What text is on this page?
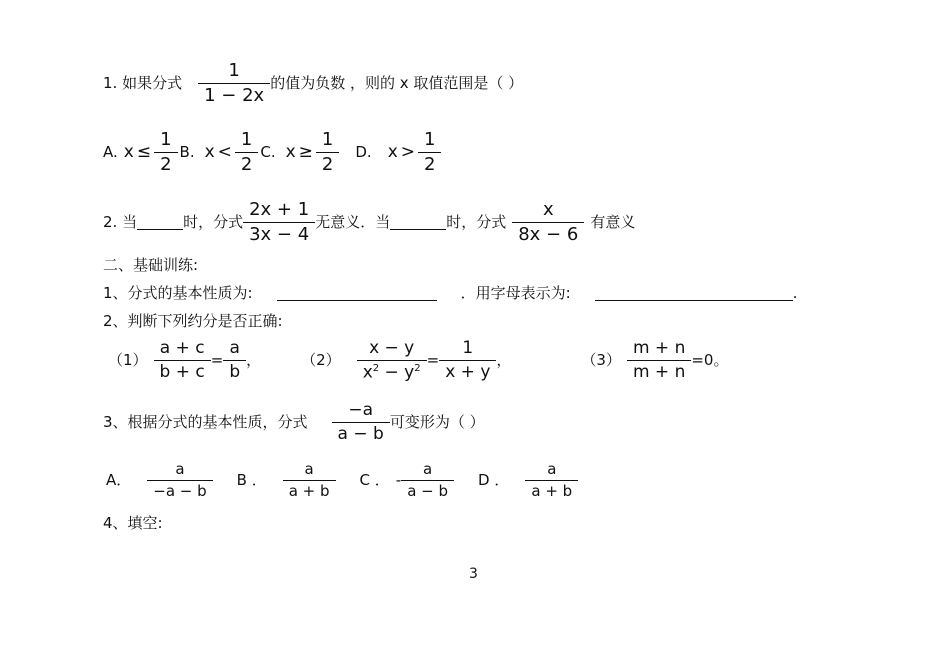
1. 如果分式 $\frac{1}{1 - 2x}$ 的值为负数 ，则的 x 取值范围是（ ）
A. $x \le \frac{1}{2} B$. $x < \frac{1}{2} C$. $x \ge \frac{1}{2} D$. $x > \frac{1}{2}$
2. 当	时，分式 $\frac{2x + 1}{3x - 4}$ 无意义．当	时，分式 $\frac{x}{8x - 6}$ 有意义
二、基础训练:
1、分式的基本性质为:	．用字母表示为:	.
2、判断下列约分是否正确:
$(1) \frac{a + c}{b + c} = \frac{a}{b}$ ，	$(2) \frac{x - y}{x^2 - y^2} = \frac{1}{x + y}$ ，	$(3) \frac{m + n}{m + n} =0$。
3、根据分式的基本性质，分式 $\frac{-a}{a - b}$ 可变形为（ ）
A． $\frac{a}{-a - b}$ B ． $\frac{a}{a + b}$ C ． - $\frac{a}{a - b}$ D ． $\frac{a}{a + b}$
4、填空:
3
